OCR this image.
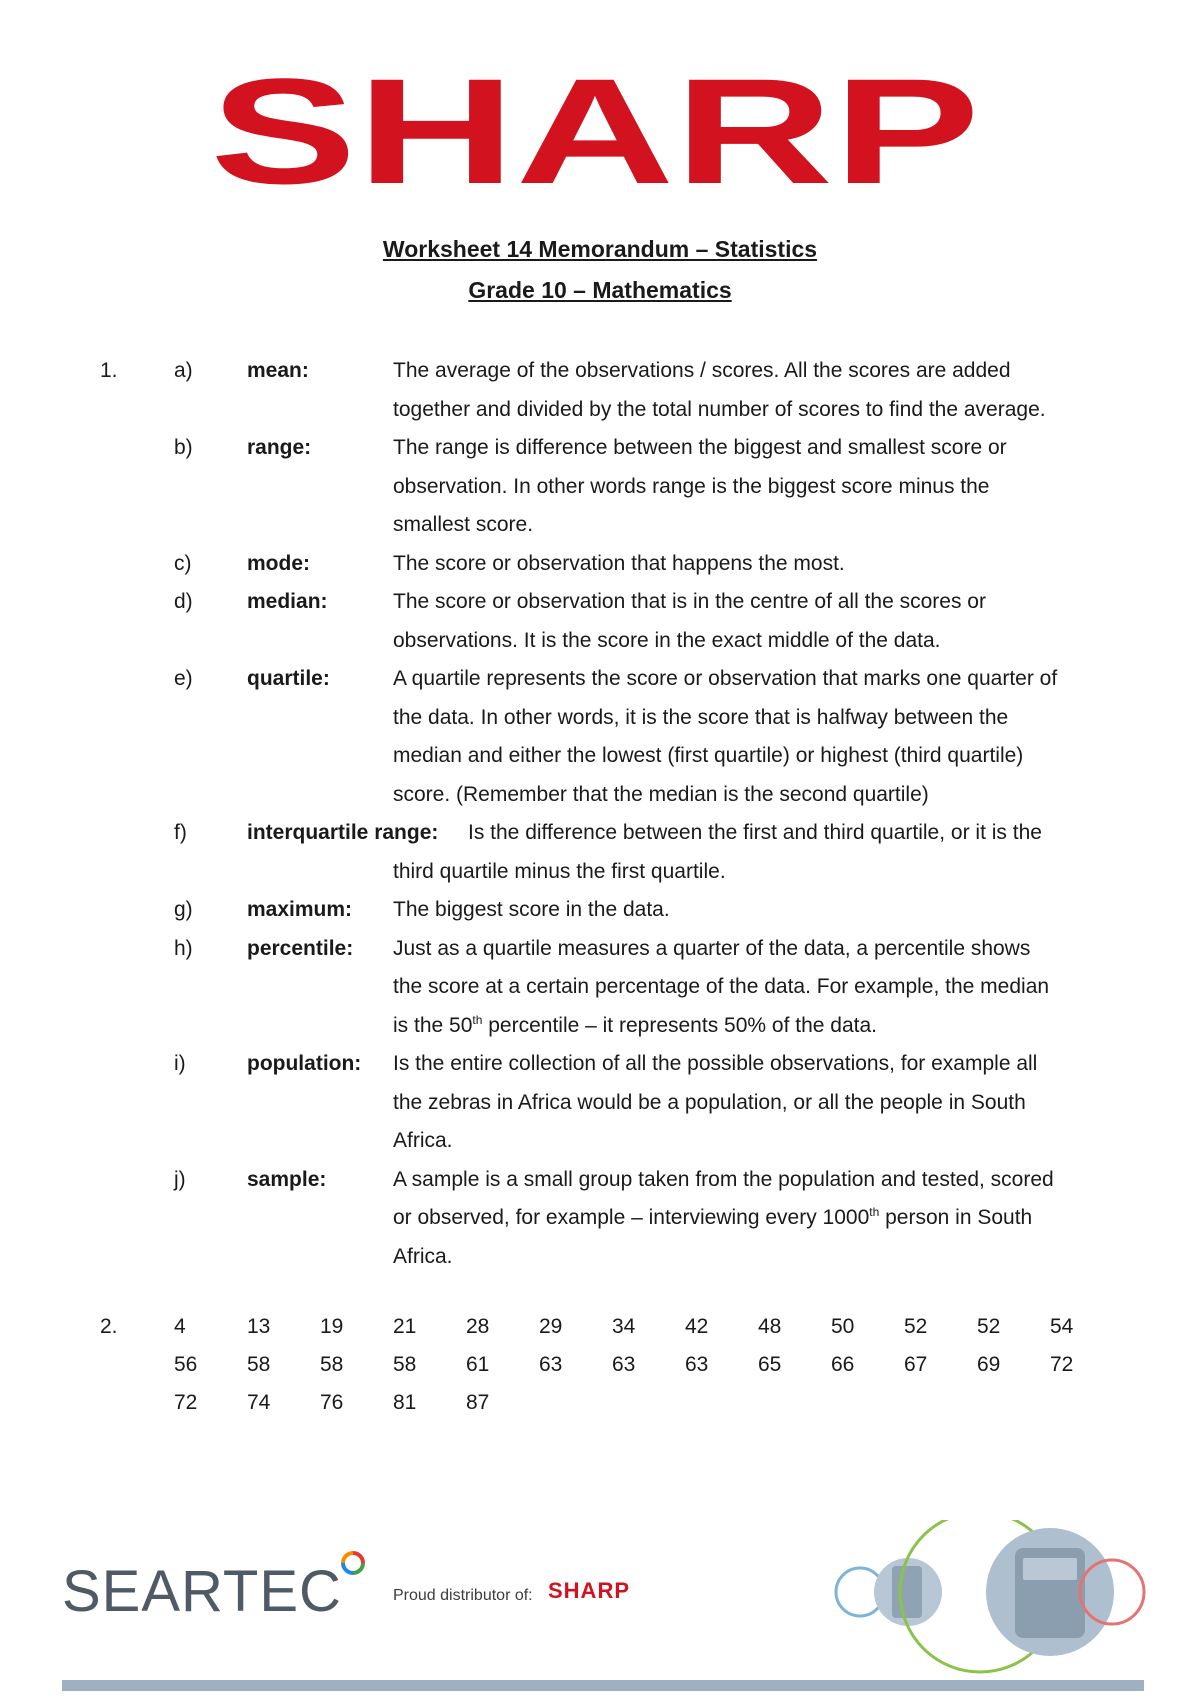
SHARP
Worksheet 14 Memorandum – Statistics
Grade 10 – Mathematics
1.	a)	mean:	The average of the observations / scores. All the scores are added
together and divided by the total number of scores to find the average.
b)	range:	The range is difference between the biggest and smallest score or
observation. In other words range is the biggest score minus the
smallest score.
c)	mode:	The score or observation that happens the most.
d)	median:	The score or observation that is in the centre of all the scores or
observations. It is the score in the exact middle of the data.
e)	quartile:	A quartile represents the score or observation that marks one quarter of
the data. In other words, it is the score that is halfway between the
median and either the lowest (first quartile) or highest (third quartile)
score. (Remember that the median is the second quartile)
f)	interquartile range: Is the difference between the first and third quartile, or it is the
third quartile minus the first quartile.
g)	maximum: The biggest score in the data.
h)	percentile: Just as a quartile measures a quarter of the data, a percentile shows
the score at a certain percentage of the data. For example, the median
is the 50th percentile – it represents 50% of the data.
i)	population: Is the entire collection of all the possible observations, for example all
the zebras in Africa would be a population, or all the people in South
Africa.
j)	sample:	A sample is a small group taken from the population and tested, scored
or observed, for example – interviewing every 1000th person in South
Africa.
2.	4	13	19	21	28	29	34	42	48	50	52	52	54
56	58	58	58	61	63	63	63	65	66	67	69	72
72	74	76	81	87
SEARTEC	Proud distributor of: SHARP
